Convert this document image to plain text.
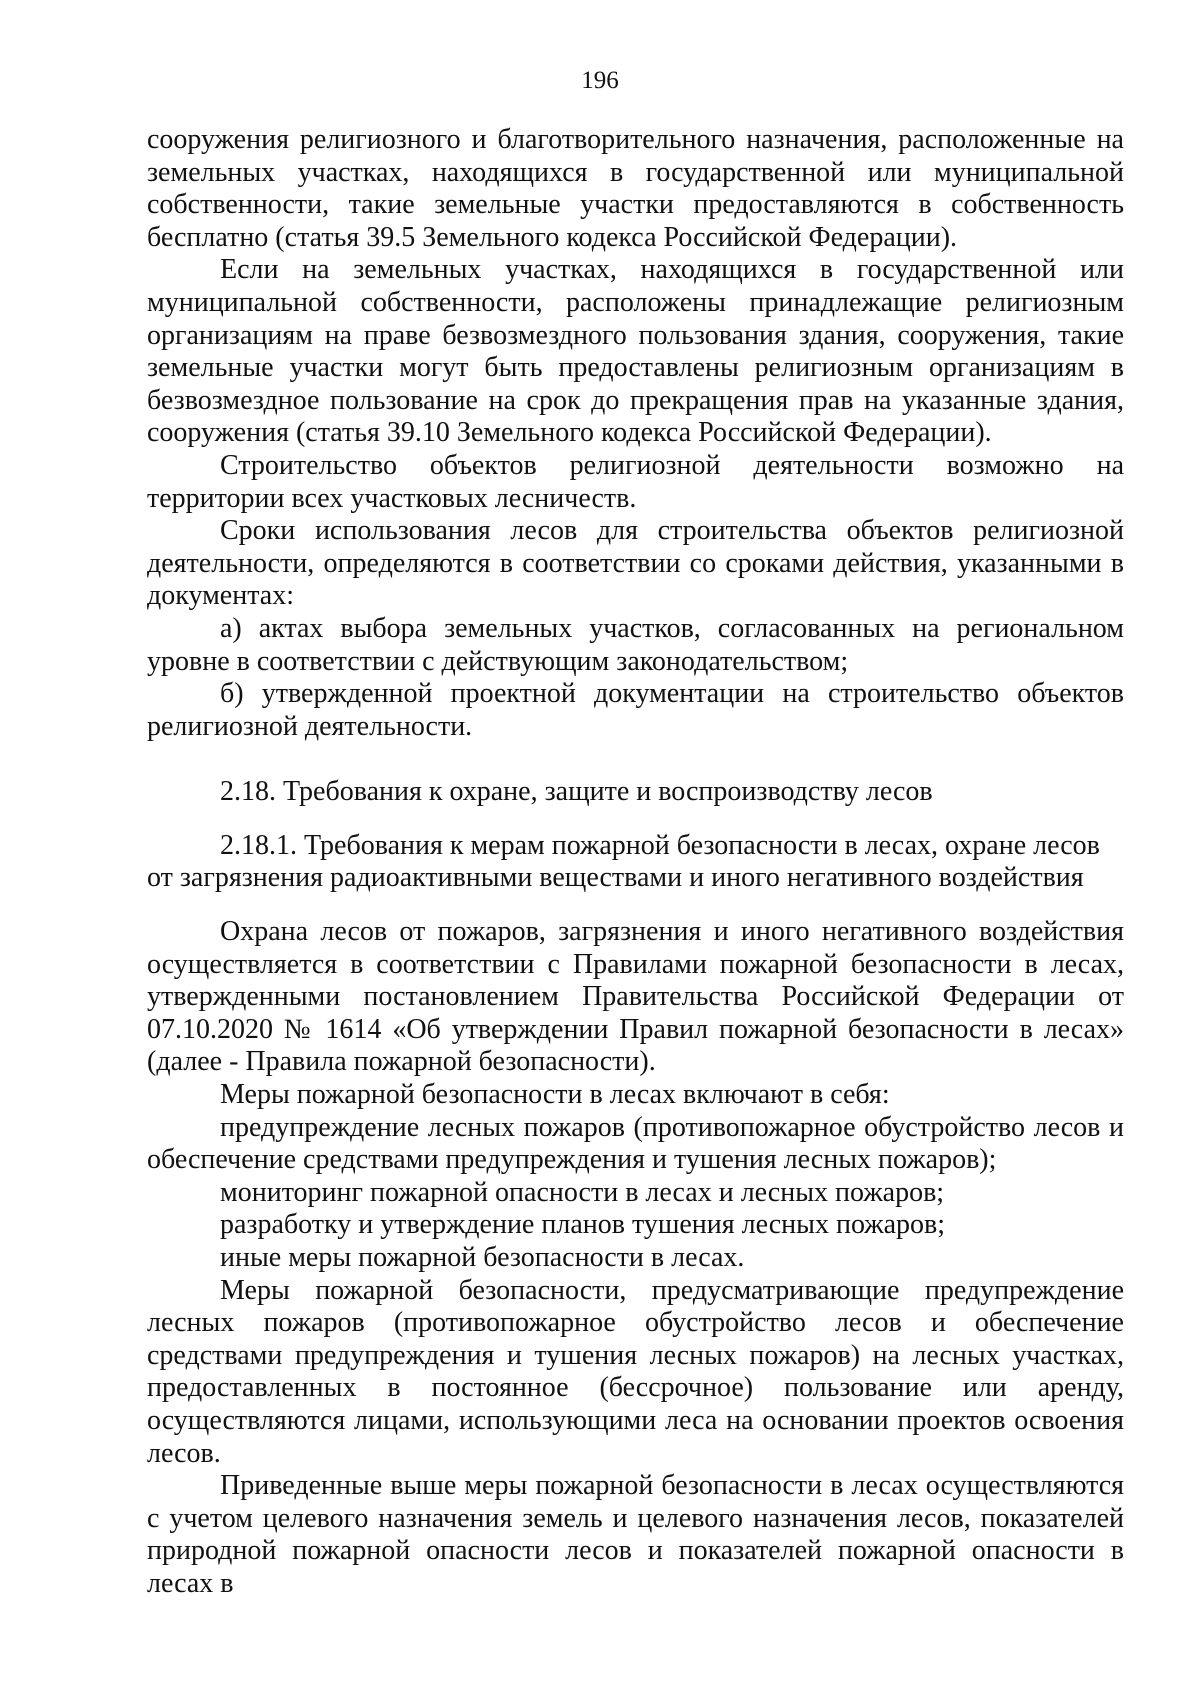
196

сооружения религиозного и благотворительного назначения, расположенные на земельных участках, находящихся в государственной или муниципальной собственности, такие земельные участки предоставляются в собственность бесплатно (статья 39.5 Земельного кодекса Российской Федерации).

Если на земельных участках, находящихся в государственной или муниципальной собственности, расположены принадлежащие религиозным организациям на праве безвозмездного пользования здания, сооружения, такие земельные участки могут быть предоставлены религиозным организациям в безвозмездное пользование на срок до прекращения прав на указанные здания, сооружения (статья 39.10 Земельного кодекса Российской Федерации).

Строительство объектов религиозной деятельности возможно на территории всех участковых лесничеств.

Сроки использования лесов для строительства объектов религиозной деятельности, определяются в соответствии со сроками действия, указанными в документах:

а) актах выбора земельных участков, согласованных на региональном уровне в соответствии с действующим законодательством;

б) утвержденной проектной документации на строительство объектов религиозной деятельности.

2.18. Требования к охране, защите и воспроизводству лесов

2.18.1. Требования к мерам пожарной безопасности в лесах, охране лесов от загрязнения радиоактивными веществами и иного негативного воздействия

Охрана лесов от пожаров, загрязнения и иного негативного воздействия осуществляется в соответствии с Правилами пожарной безопасности в лесах, утвержденными постановлением Правительства Российской Федерации от 07.10.2020 № 1614 «Об утверждении Правил пожарной безопасности в лесах» (далее - Правила пожарной безопасности).

Меры пожарной безопасности в лесах включают в себя:

предупреждение лесных пожаров (противопожарное обустройство лесов и обеспечение средствами предупреждения и тушения лесных пожаров);

мониторинг пожарной опасности в лесах и лесных пожаров;

разработку и утверждение планов тушения лесных пожаров;

иные меры пожарной безопасности в лесах.

Меры пожарной безопасности, предусматривающие предупреждение лесных пожаров (противопожарное обустройство лесов и обеспечение средствами предупреждения и тушения лесных пожаров) на лесных участках, предоставленных в постоянное (бессрочное) пользование или аренду, осуществляются лицами, использующими леса на основании проектов освоения лесов.

Приведенные выше меры пожарной безопасности в лесах осуществляются с учетом целевого назначения земель и целевого назначения лесов, показателей природной пожарной опасности лесов и показателей пожарной опасности в лесах в
